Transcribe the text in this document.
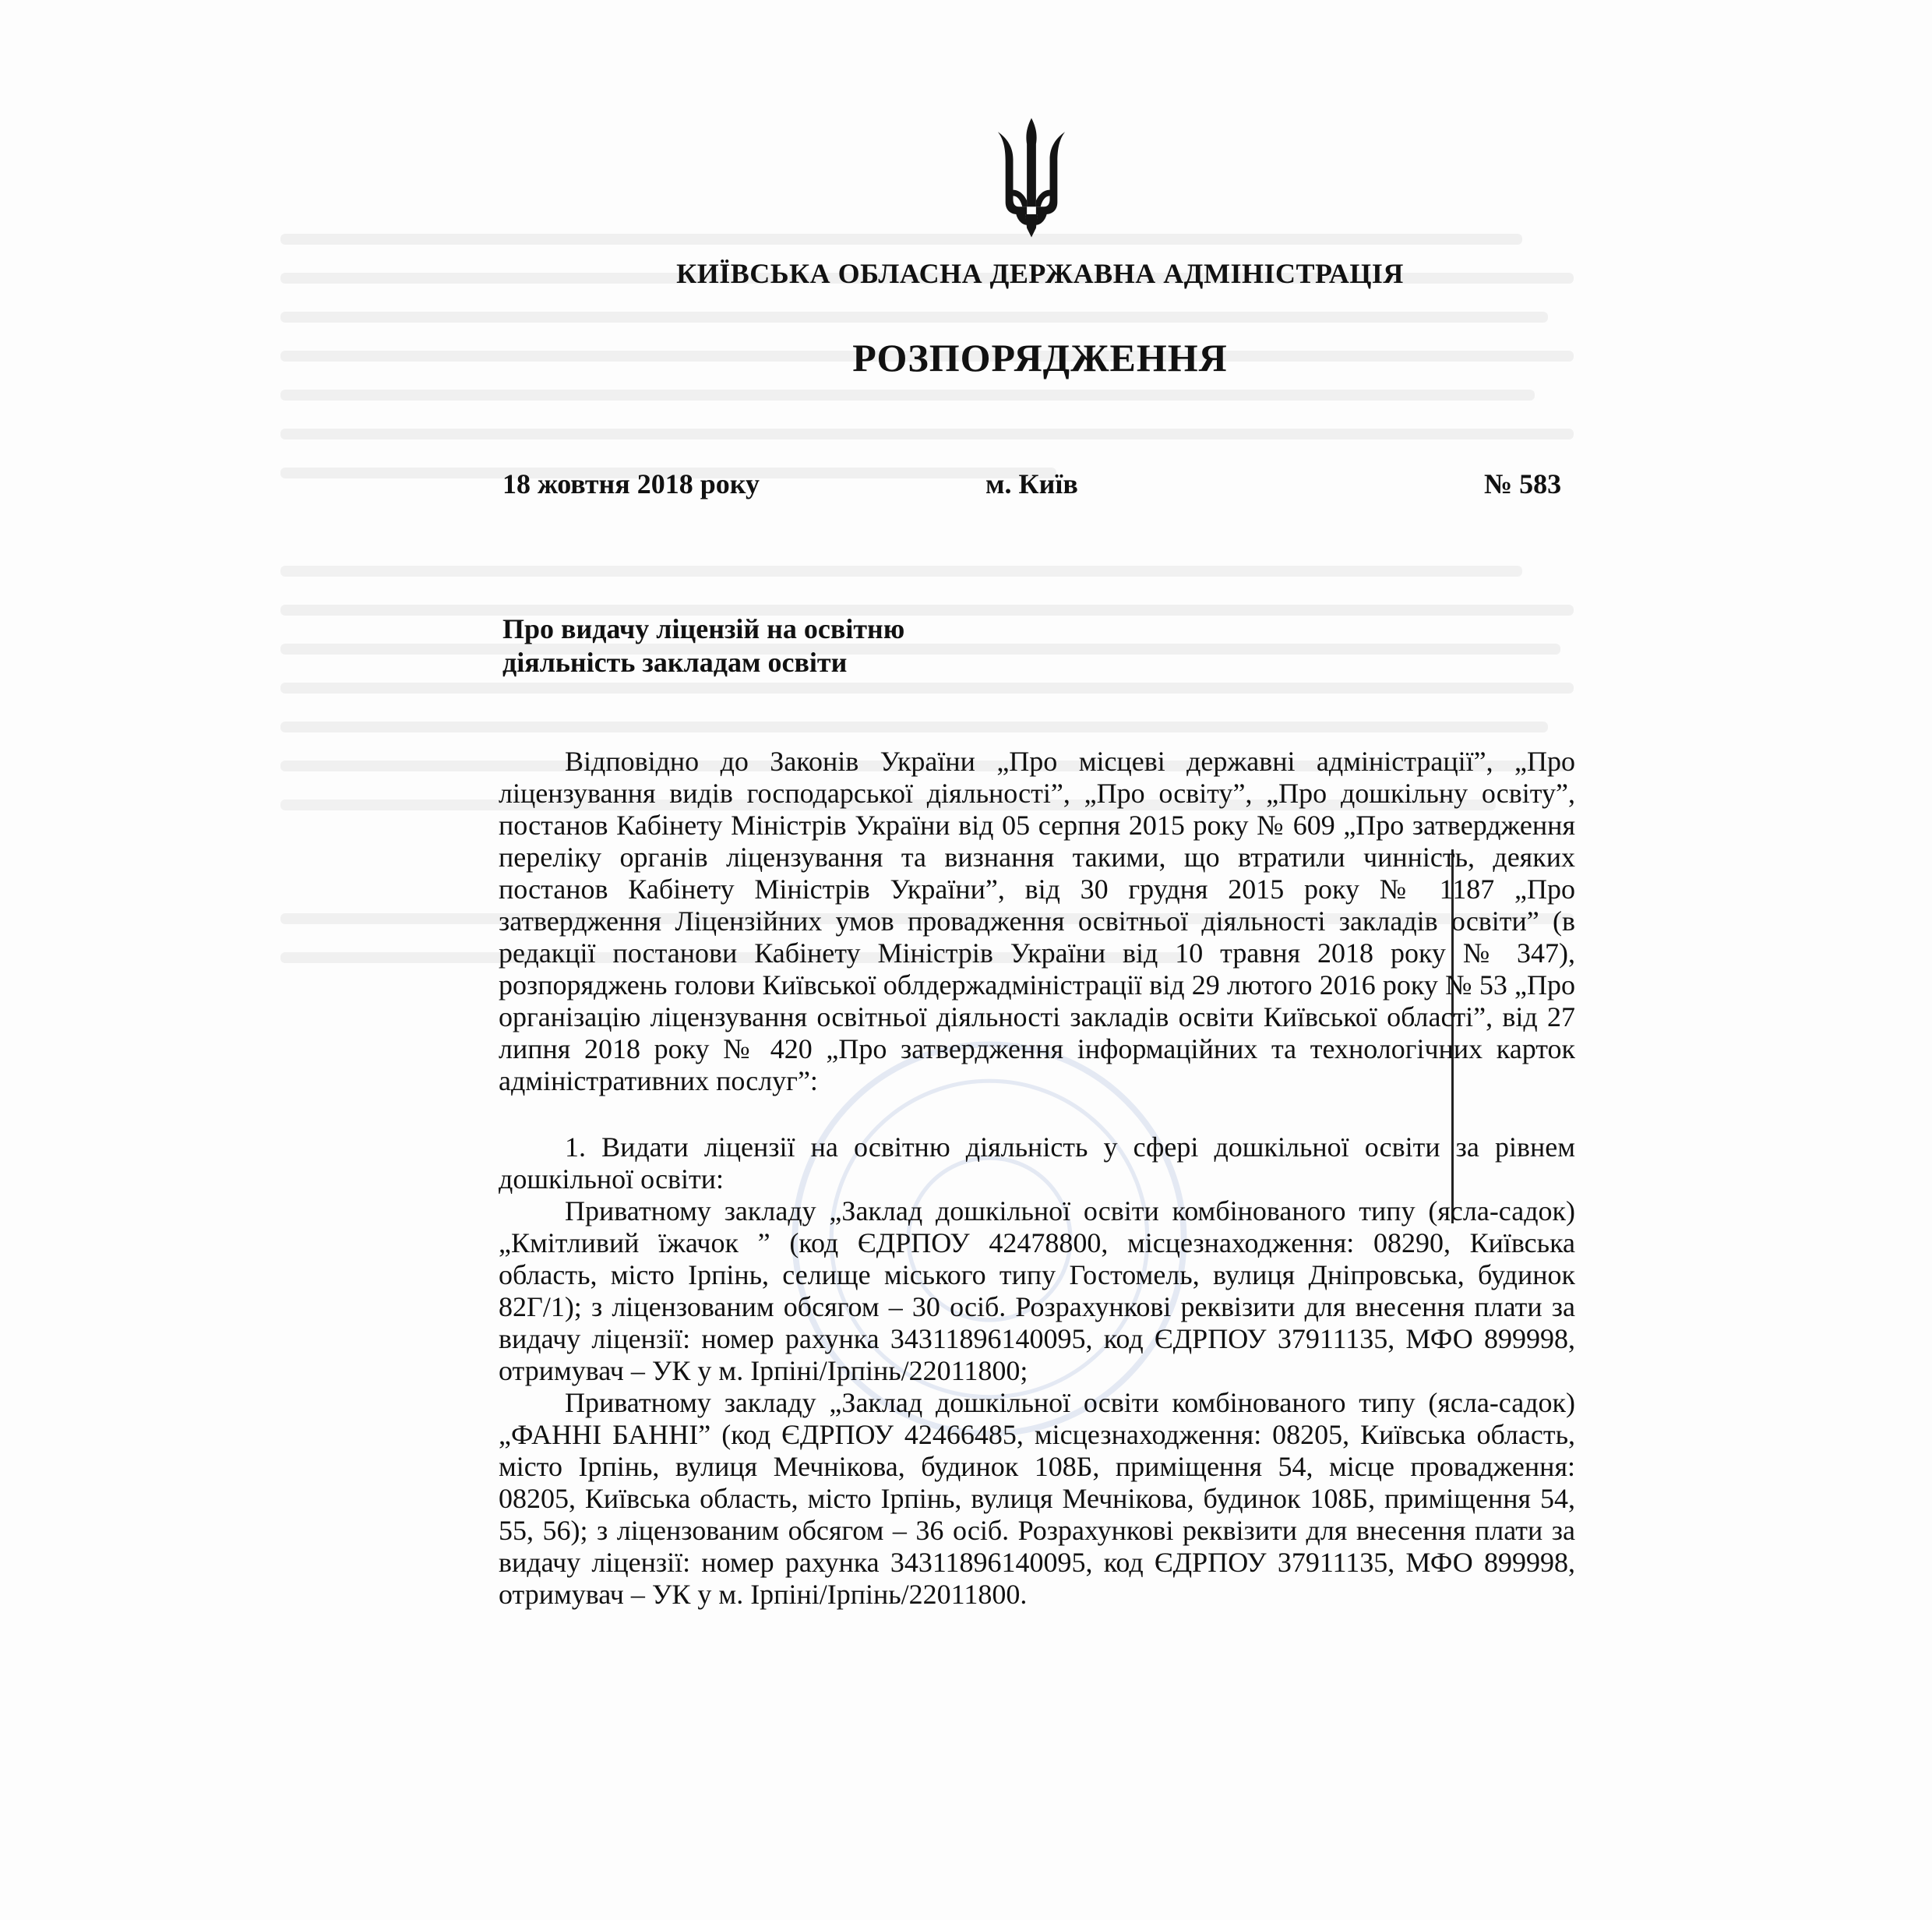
КИЇВСЬКА ОБЛАСНА ДЕРЖАВНА АДМІНІСТРАЦІЯ
РОЗПОРЯДЖЕННЯ
18 жовтня 2018 року	м. Київ	№ 583
Про видачу ліцензій на освітню
діяльність закладам освіти

Відповідно до Законів України „Про місцеві державні адміністрації”, „Про ліцензування видів господарської діяльності”, „Про освіту”, „Про дошкільну освіту”, постанов Кабінету Міністрів України від 05 серпня 2015 року № 609 „Про затвердження переліку органів ліцензування та визнання такими, що втратили чинність, деяких постанов Кабінету Міністрів України”, від 30 грудня 2015 року № 1187 „Про затвердження Ліцензійних умов провадження освітньої діяльності закладів освіти” (в редакції постанови Кабінету Міністрів України від 10 травня 2018 року № 347), розпоряджень голови Київської облдержадміністрації від 29 лютого 2016 року № 53 „Про організацію ліцензування освітньої діяльності закладів освіти Київської області”, від 27 липня 2018 року № 420 „Про затвердження інформаційних та технологічних карток адміністративних послуг”:

1. Видати ліцензії на освітню діяльність у сфері дошкільної освіти за рівнем дошкільної освіти:

Приватному закладу „Заклад дошкільної освіти комбінованого типу (ясла-садок) „Кмітливий їжачок ” (код ЄДРПОУ 42478800, місцезнаходження: 08290, Київська область, місто Ірпінь, селище міського типу Гостомель, вулиця Дніпровська, будинок 82Г/1); з ліцензованим обсягом – 30 осіб. Розрахункові реквізити для внесення плати за видачу ліцензії: номер рахунка 34311896140095, код ЄДРПОУ 37911135, МФО 899998, отримувач – УК у м. Ірпіні/Ірпінь/22011800;

Приватному закладу „Заклад дошкільної освіти комбінованого типу (ясла-садок) „ФАННІ БАННІ” (код ЄДРПОУ 42466485, місцезнаходження: 08205, Київська область, місто Ірпінь, вулиця Мечнікова, будинок 108Б, приміщення 54, місце провадження: 08205, Київська область, місто Ірпінь, вулиця Мечнікова, будинок 108Б, приміщення 54, 55, 56); з ліцензованим обсягом – 36 осіб. Розрахункові реквізити для внесення плати за видачу ліцензії: номер рахунка 34311896140095, код ЄДРПОУ 37911135, МФО 899998, отримувач – УК у м. Ірпіні/Ірпінь/22011800.
